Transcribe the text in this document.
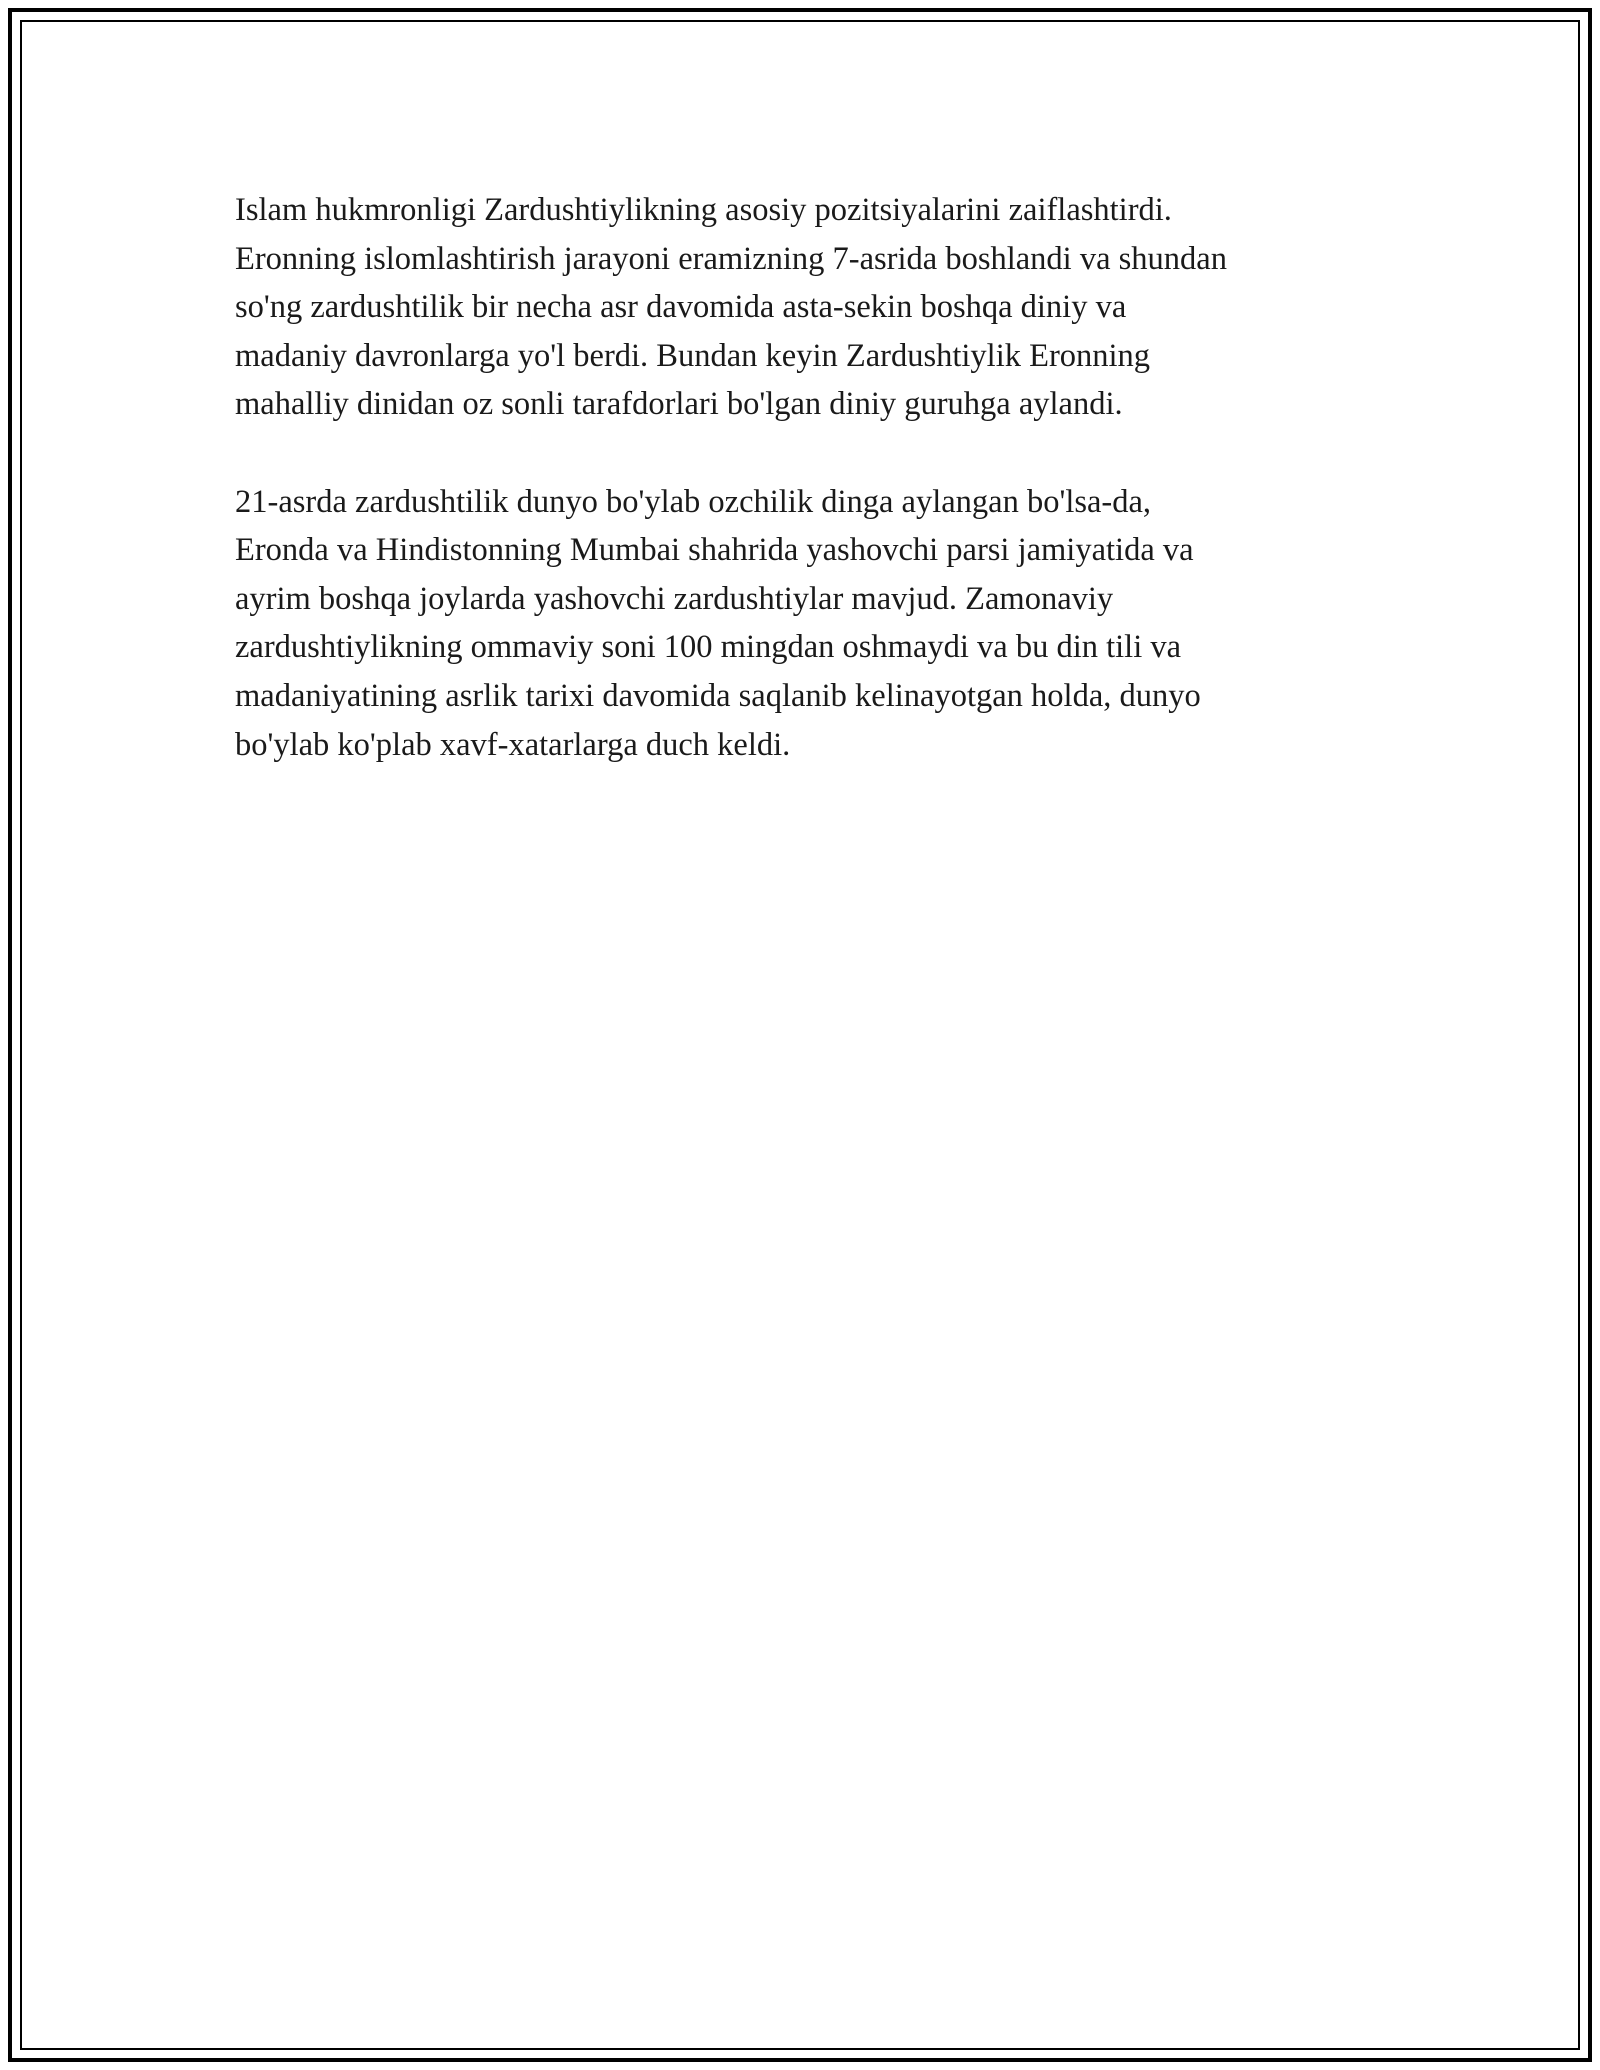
Islam hukmronligi Zardushtiylikning asosiy pozitsiyalarini zaiflashtirdi.
Eronning islomlashtirish jarayoni eramizning 7-asrida boshlandi va shundan
so'ng zardushtilik bir necha asr davomida asta-sekin boshqa diniy va
madaniy davronlarga yo'l berdi. Bundan keyin Zardushtiylik Eronning
mahalliy dinidan oz sonli tarafdorlari bo'lgan diniy guruhga aylandi.

21-asrda zardushtilik dunyo bo'ylab ozchilik dinga aylangan bo'lsa-da,
Eronda va Hindistonning Mumbai shahrida yashovchi parsi jamiyatida va
ayrim boshqa joylarda yashovchi zardushtiylar mavjud. Zamonaviy
zardushtiylikning ommaviy soni 100 mingdan oshmaydi va bu din tili va
madaniyatining asrlik tarixi davomida saqlanib kelinayotgan holda, dunyo
bo'ylab ko'plab xavf-xatarlarga duch keldi.
